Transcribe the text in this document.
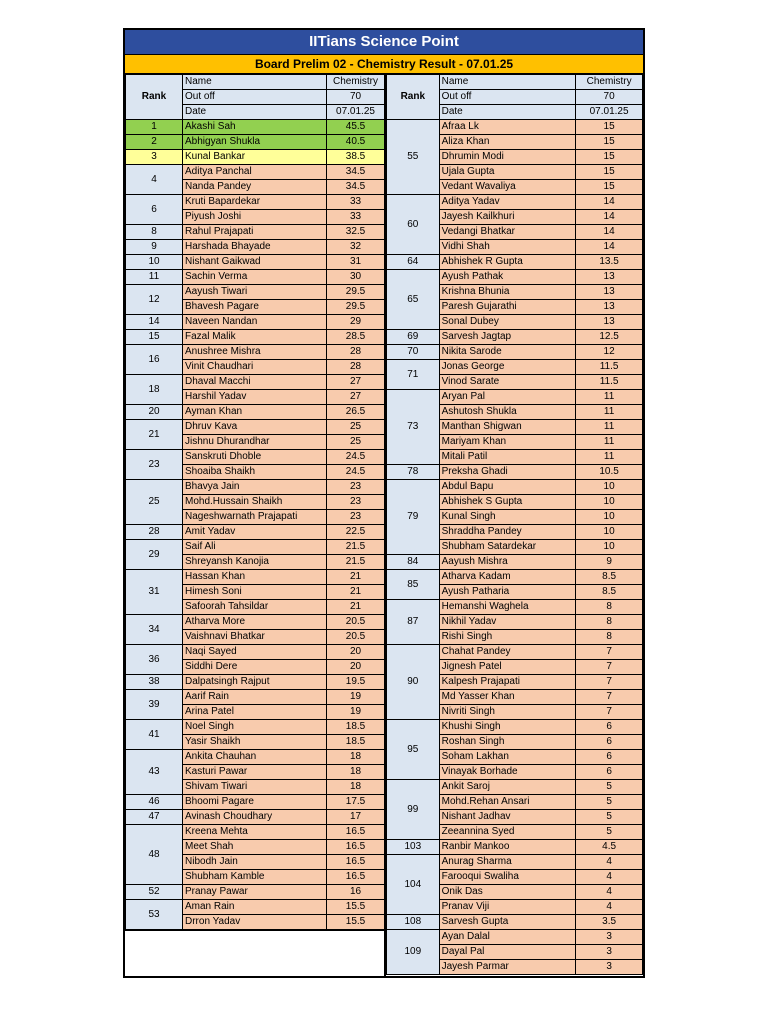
IITians Science Point
Board Prelim 02 - Chemistry Result - 07.01.25
Rank	Name	Chemistry
	Out off	70
	Date	07.01.25
1	Akashi Sah	45.5
2	Abhigyan Shukla	40.5
3	Kunal Bankar	38.5
4	Aditya Panchal	34.5
	Nanda Pandey	34.5
6	Kruti Bapardekar	33
	Piyush Joshi	33
8	Rahul Prajapati	32.5
9	Harshada Bhayade	32
10	Nishant Gaikwad	31
11	Sachin Verma	30
12	Aayush Tiwari	29.5
	Bhavesh Pagare	29.5
14	Naveen Nandan	29
15	Fazal Malik	28.5
16	Anushree Mishra	28
	Vinit Chaudhari	28
18	Dhaval Macchi	27
	Harshil Yadav	27
20	Ayman Khan	26.5
21	Dhruv Kava	25
	Jishnu Dhurandhar	25
23	Sanskruti Dhoble	24.5
	Shoaiba Shaikh	24.5
25	Bhavya Jain	23
	Mohd.Hussain Shaikh	23
	Nageshwarnath Prajapati	23
28	Amit Yadav	22.5
29	Saif Ali	21.5
	Shreyansh Kanojia	21.5
31	Hassan Khan	21
	Himesh Soni	21
	Safoorah Tahsildar	21
34	Atharva More	20.5
	Vaishnavi Bhatkar	20.5
36	Naqi Sayed	20
	Siddhi Dere	20
38	Dalpatsingh Rajput	19.5
39	Aarif Rain	19
	Arina Patel	19
41	Noel Singh	18.5
	Yasir Shaikh	18.5
43	Ankita Chauhan	18
	Kasturi Pawar	18
	Shivam Tiwari	18
46	Bhoomi Pagare	17.5
47	Avinash Choudhary	17
48	Kreena Mehta	16.5
	Meet Shah	16.5
	Nibodh Jain	16.5
	Shubham Kamble	16.5
52	Pranay Pawar	16
53	Aman Rain	15.5
	Drron Yadav	15.5
Rank	Name	Chemistry
	Out off	70
	Date	07.01.25
55	Afraa Lk	15
	Aliza Khan	15
	Dhrumin Modi	15
	Ujala Gupta	15
	Vedant Wavaliya	15
60	Aditya Yadav	14
	Jayesh Kailkhuri	14
	Vedangi Bhatkar	14
	Vidhi Shah	14
64	Abhishek R Gupta	13.5
65	Ayush Pathak	13
	Krishna Bhunia	13
	Paresh Gujarathi	13
	Sonal Dubey	13
69	Sarvesh Jagtap	12.5
70	Nikita Sarode	12
71	Jonas George	11.5
	Vinod Sarate	11.5
73	Aryan Pal	11
	Ashutosh Shukla	11
	Manthan Shigwan	11
	Mariyam Khan	11
	Mitali Patil	11
78	Preksha Ghadi	10.5
79	Abdul Bapu	10
	Abhishek S Gupta	10
	Kunal Singh	10
	Shraddha Pandey	10
	Shubham Satardekar	10
84	Aayush Mishra	9
85	Atharva Kadam	8.5
	Ayush Patharia	8.5
87	Hemanshi Waghela	8
	Nikhil Yadav	8
	Rishi Singh	8
90	Chahat Pandey	7
	Jignesh Patel	7
	Kalpesh Prajapati	7
	Md Yasser Khan	7
	Nivriti Singh	7
95	Khushi Singh	6
	Roshan Singh	6
	Soham Lakhan	6
	Vinayak Borhade	6
99	Ankit Saroj	5
	Mohd.Rehan Ansari	5
	Nishant Jadhav	5
	Zeeannina Syed	5
103	Ranbir Mankoo	4.5
104	Anurag Sharma	4
	Farooqui Swaliha	4
	Onik Das	4
	Pranav Viji	4
108	Sarvesh Gupta	3.5
109	Ayan Dalal	3
	Dayal Pal	3
	Jayesh Parmar	3
